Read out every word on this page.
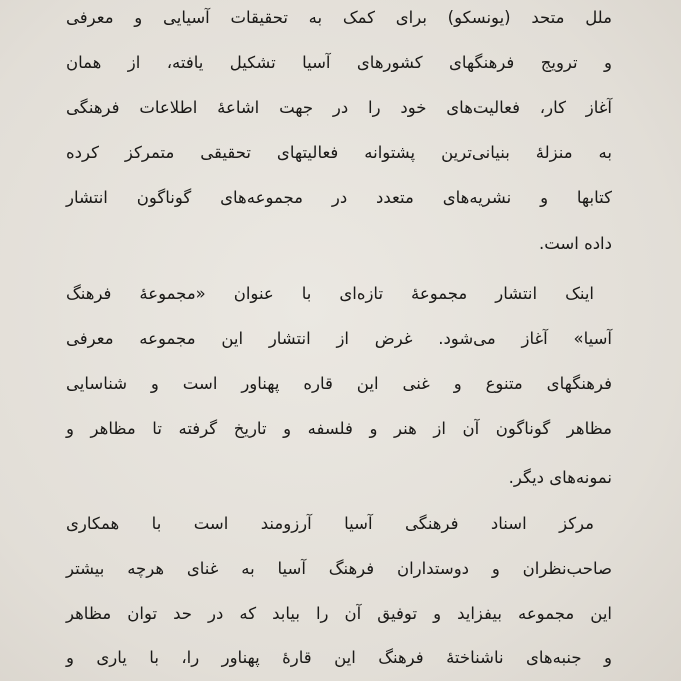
ملل متحد (یونسکو) برای کمک به تحقیقات آسیایی و معرفی
و ترویج فرهنگهای کشورهای آسیا تشکیل یافته، از همان
آغاز کار، فعالیت‌های خود را در جهت اشاعهٔ اطلاعات فرهنگی
به منزلهٔ بنیانی‌ترین پشتوانه فعالیتهای تحقیقی متمرکز کرده
کتابها و نشریه‌های متعدد در مجموعه‌های گوناگون انتشار
داده است.
اینک انتشار مجموعهٔ تازه‌ای با عنوان «مجموعهٔ فرهنگ
آسیا» آغاز می‌شود. غرض از انتشار این مجموعه معرفی
فرهنگهای متنوع و غنی این قاره پهناور است و شناسایی
مظاهر گوناگون آن از هنر و فلسفه و تاریخ گرفته تا مظاهر و
نمونه‌های دیگر.
مرکز اسناد فرهنگی آسیا آرزومند است با همکاری
صاحب‌نظران و دوستداران فرهنگ آسیا به غنای هرچه بیشتر
این مجموعه بیفزاید و توفیق آن را بیابد که در حد توان مظاهر
و جنبه‌های ناشناختهٔ فرهنگ این قارهٔ پهناور را، با یاری و
